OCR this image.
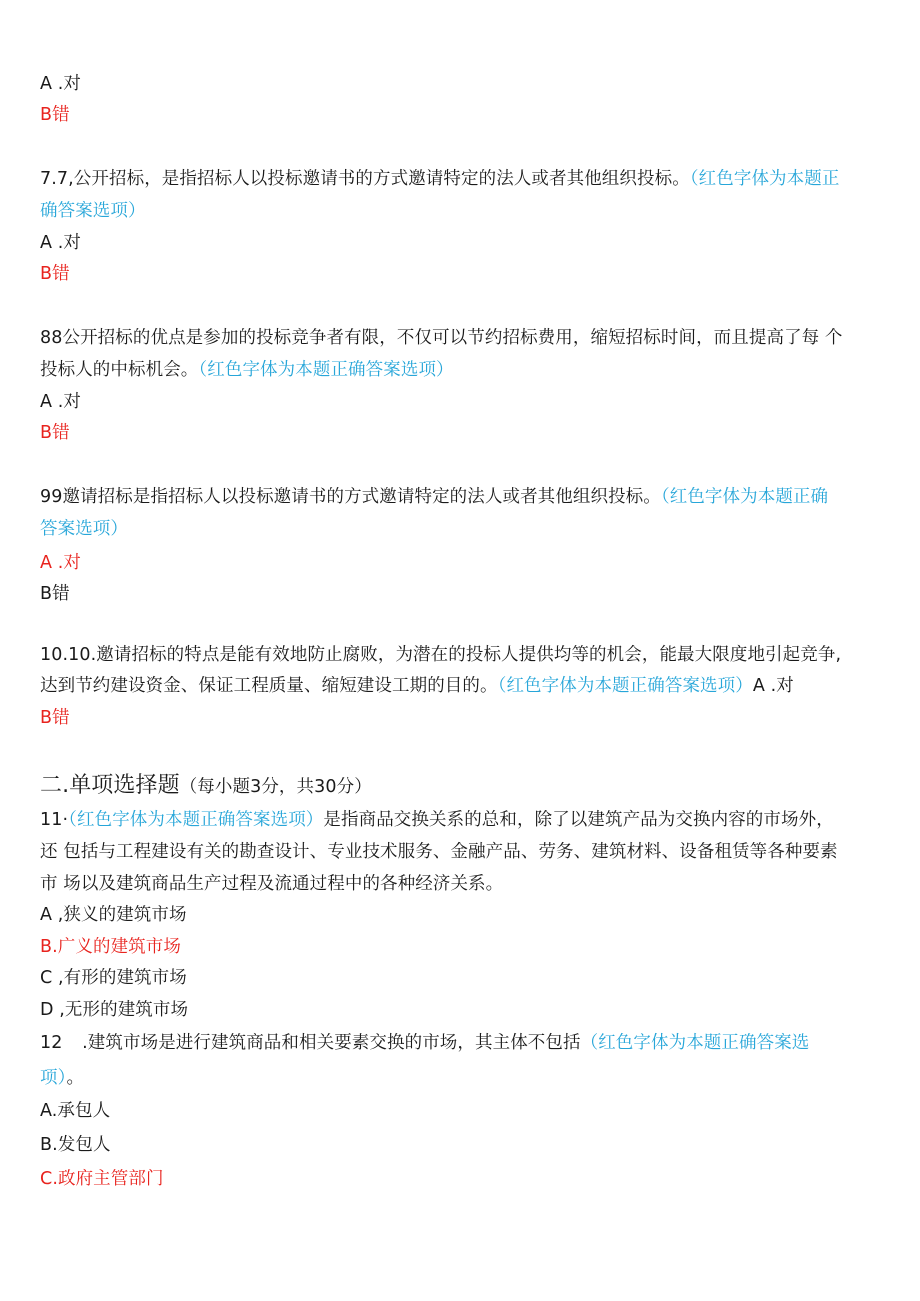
A .对
B错
7.7,公开招标，是指招标人以投标邀请书的方式邀请特定的法人或者其他组织投标。（红色字体为本题正
确答案选项）
A .对
B错
88公开招标的优点是参加的投标竞争者有限，不仅可以节约招标费用，缩短招标时间，而且提高了每 个
投标人的中标机会。（红色字体为本题正确答案选项）
A .对
B错
99邀请招标是指招标人以投标邀请书的方式邀请特定的法人或者其他组织投标。（红色字体为本题正确
答案选项）
A .对
B错
10.10.邀请招标的特点是能有效地防止腐败，为潜在的投标人提供均等的机会，能最大限度地引起竞争,
达到节约建设资金、保证工程质量、缩短建设工期的目的。（红色字体为本题正确答案选项）A .对
B错
二.单项选择题（每小题3分，共30分）
11·（红色字体为本题正确答案选项）是指商品交换关系的总和，除了以建筑产品为交换内容的市场外，
还 包括与工程建设有关的勘查设计、专业技术服务、金融产品、劳务、建筑材料、设备租赁等各种要素
市 场以及建筑商品生产过程及流通过程中的各种经济关系。
A ,狭义的建筑市场
B.广义的建筑市场
C ,有形的建筑市场
D ,无形的建筑市场
12 .建筑市场是进行建筑商品和相关要素交换的市场，其主体不包括（红色字体为本题正确答案选
项）。
A.承包人
B.发包人
C.政府主管部门
